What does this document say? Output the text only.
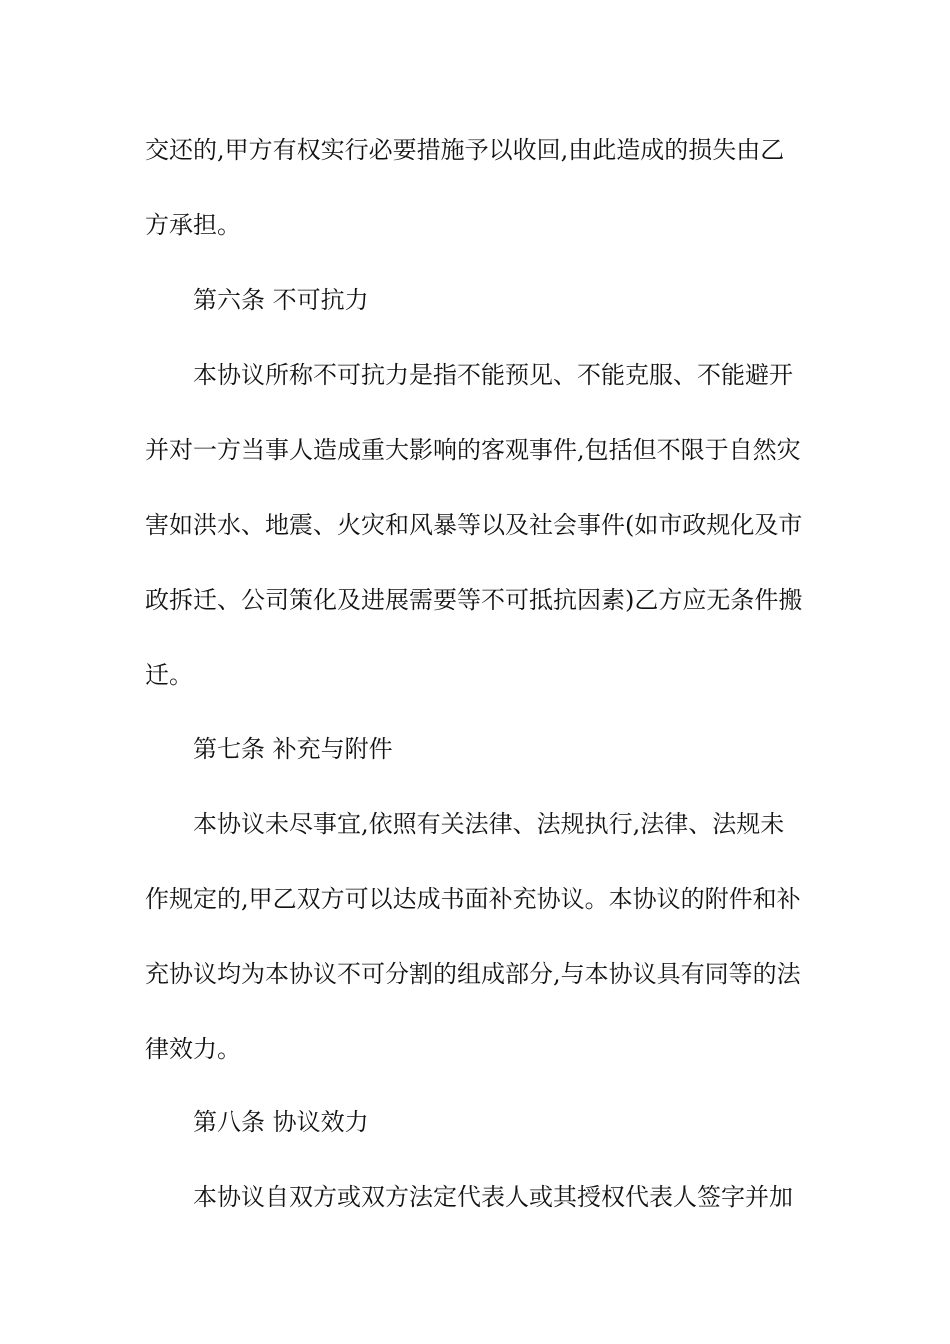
交还的,甲方有权实行必要措施予以收回,由此造成的损失由乙
方承担。
第六条 不可抗力
本协议所称不可抗力是指不能预见、不能克服、不能避开
并对一方当事人造成重大影响的客观事件,包括但不限于自然灾
害如洪水、地震、火灾和风暴等以及社会事件(如市政规化及市
政拆迁、公司策化及进展需要等不可抵抗因素)乙方应无条件搬
迁。
第七条 补充与附件
本协议未尽事宜,依照有关法律、法规执行,法律、法规未
作规定的,甲乙双方可以达成书面补充协议。本协议的附件和补
充协议均为本协议不可分割的组成部分,与本协议具有同等的法
律效力。
第八条 协议效力
本协议自双方或双方法定代表人或其授权代表人签字并加
